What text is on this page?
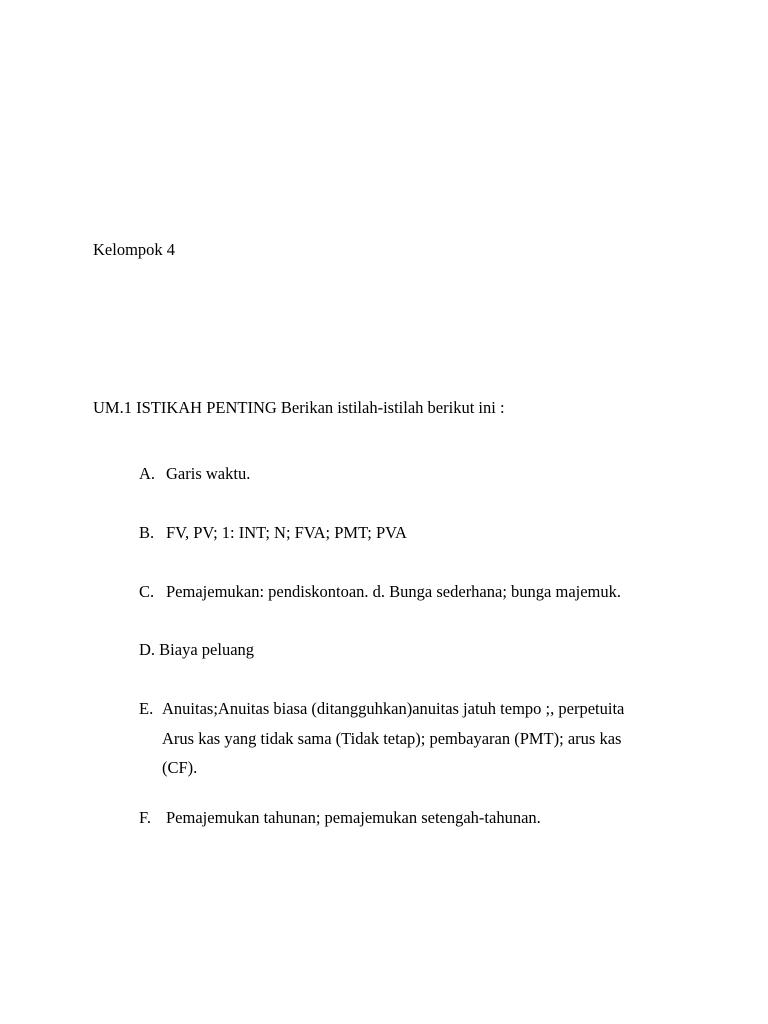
Kelompok 4
UM.1 ISTIKAH PENTING Berikan istilah-istilah berikut ini :
A. Garis waktu.
B. FV, PV; 1: INT; N; FVA; PMT; PVA
C. Pemajemukan: pendiskontoan. d. Bunga sederhana; bunga majemuk.
D. Biaya peluang
E. Anuitas;Anuitas biasa (ditangguhkan)anuitas jatuh tempo ;, perpetuita
Arus kas yang tidak sama (Tidak tetap); pembayaran (PMT); arus kas
(CF).
F. Pemajemukan tahunan; pemajemukan setengah-tahunan.
